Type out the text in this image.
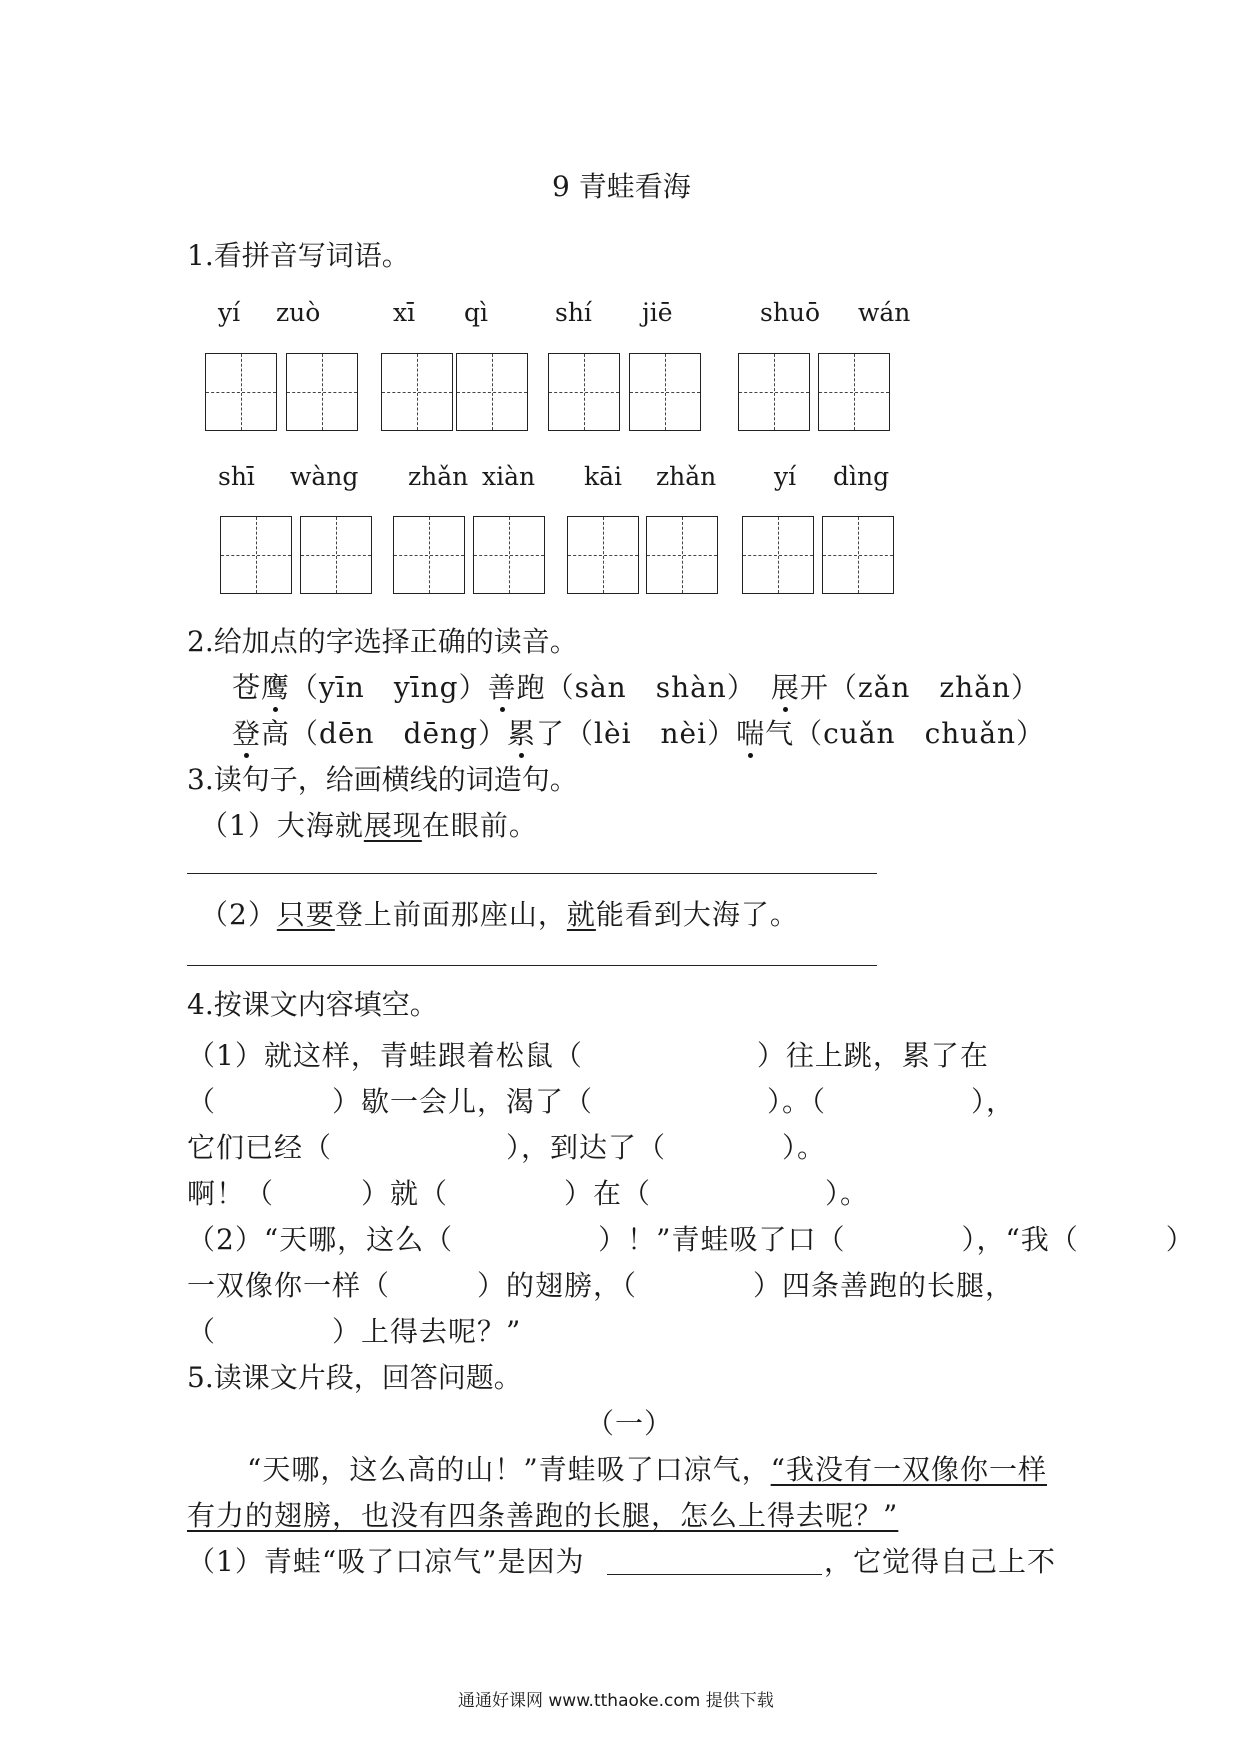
9 青蛙看海
1.看拼音写词语。
yí zuò	xī qì	shí jiē	shuō wán
shī wàng zhǎn xiàn kāi zhǎn yí dìng
2.给加点的字选择正确的读音。
苍鹰（yīn　yīng）善跑（sàn　shàn）　 展开（zǎn　zhǎn）
登高（dēn　dēng）累了（lèi　nèi）喘气（cuǎn　chuǎn）
3.读句子，给画横线的词造句。
（1）大海就展现在眼前。
（2）只要登上前面那座山，就能看到大海了。
4.按课文内容填空。
（1）就这样，青蛙跟着松鼠（　　　　　　）往上跳，累了在
（　　　　）歇一会儿，渴了（　　　　　　）。（　　　　　），
它们已经（　　　　　　），到达了（　　　　）。
啊！（　　　）就（　　　　）在（　　　　　　）。
（2）“天哪，这么（　　　　　）！”青蛙吸了口（　　　　），“我（　　　）
一双像你一样（　　　）的翅膀，（　　　　）四条善跑的长腿，
（　　　　）上得去呢？”
5.读课文片段，回答问题。
（一）
　“天哪，这么高的山！”青蛙吸了口凉气，“我没有一双像你一样
有力的翅膀，也没有四条善跑的长腿，怎么上得去呢？”
（1）青蛙“吸了口凉气”是因为	，它觉得自己上不
通通好课网 www.tthaoke.com 提供下载
